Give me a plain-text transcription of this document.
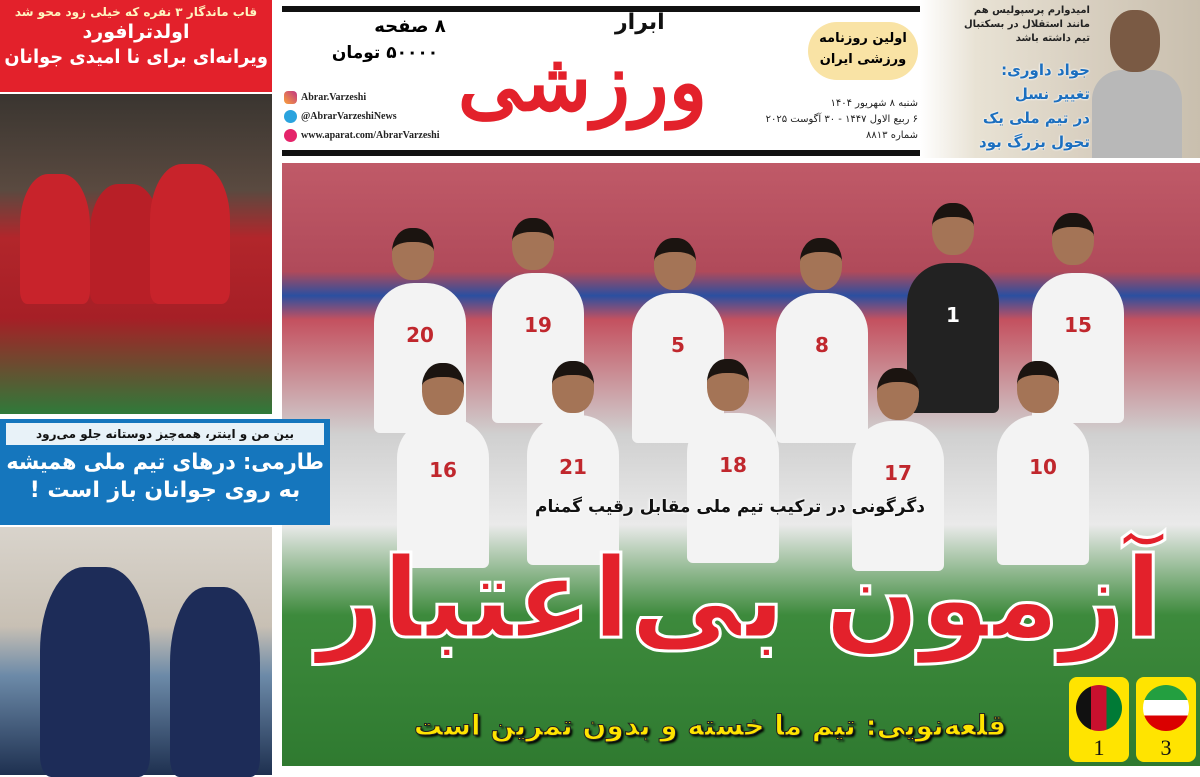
قاب ماندگار ۳ نفره که خیلی زود محو شد
اولدترافورد
ویرانه‌ای برای نا امیدی جوانان
۸ صفحه
۵۰۰۰۰ تومان
Abrar.Varzeshi
@AbrarVarzeshiNews
www.aparat.com/AbrarVarzeshi
ابرار
ورزشی	اولین روزنامه
ورزشی ایران
شنبه ۸ شهریور ۱۴۰۴
۶ ربیع الاول ۱۴۴۷ - ۳۰ آگوست ۲۰۲۵
شماره ۸۸۱۳
امیدوارم پرسپولیس هم
مانند استقلال در بسکتبال
تیم داشته باشد
جواد داوری:
تغییر نسل
در تیم ملی یک
تحول بزرگ بود
20	19
5	8
1	15
16	21	18	17	10
بین من و اینتر، همه‌چیز دوستانه جلو می‌رود
طارمی: درهای تیم ملی همیشه
به روی جوانان باز است !
دگرگونی در ترکیب تیم ملی مقابل رقیب گمنام
آزمون بی‌اعتبار
قلعه‌نویی: تیم ما خسته و بدون تمرین است
1	3
